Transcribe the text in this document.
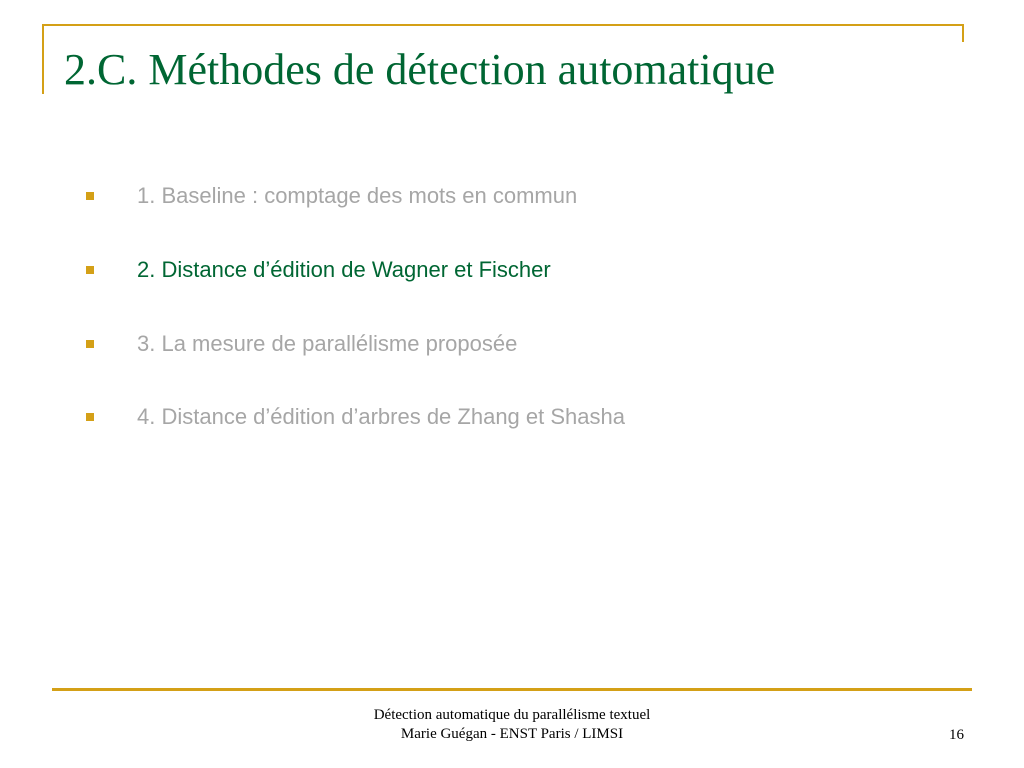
2.C. Méthodes de détection automatique
1. Baseline : comptage des mots en commun
2. Distance d’édition de Wagner et Fischer
3. La mesure de parallélisme proposée
4. Distance d’édition d’arbres de Zhang et Shasha
Détection automatique du parallélisme textuel
Marie Guégan - ENST Paris / LIMSI	16
